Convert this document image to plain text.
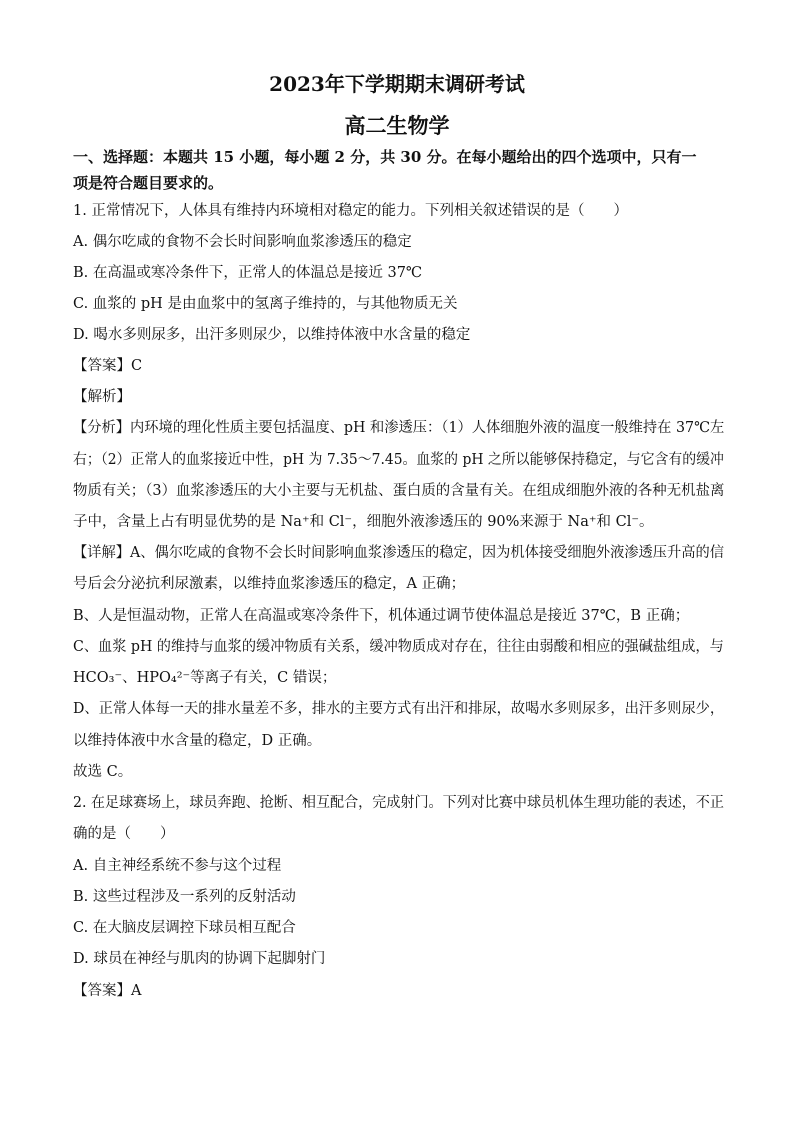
2023年下学期期末调研考试
高二生物学
一、选择题：本题共 15 小题，每小题 2 分，共 30 分。在每小题给出的四个选项中，只有一
项是符合题目要求的。
1. 正常情况下，人体具有维持内环境相对稳定的能力。下列相关叙述错误的是（　　）
A. 偶尔吃咸的食物不会长时间影响血浆渗透压的稳定
B. 在高温或寒冷条件下，正常人的体温总是接近 37℃
C. 血浆的 pH 是由血浆中的氢离子维持的，与其他物质无关
D. 喝水多则尿多，出汗多则尿少，以维持体液中水含量的稳定
【答案】C
【解析】
【分析】内环境的理化性质主要包括温度、pH 和渗透压：（1）人体细胞外液的温度一般维持在 37℃左
右；（2）正常人的血浆接近中性，pH 为 7.35～7.45。血浆的 pH 之所以能够保持稳定，与它含有的缓冲
物质有关；（3）血浆渗透压的大小主要与无机盐、蛋白质的含量有关。在组成细胞外液的各种无机盐离
子中，含量上占有明显优势的是 Na⁺和 Cl⁻，细胞外液渗透压的 90%来源于 Na⁺和 Cl⁻。
【详解】A、偶尔吃咸的食物不会长时间影响血浆渗透压的稳定，因为机体接受细胞外液渗透压升高的信
号后会分泌抗利尿激素，以维持血浆渗透压的稳定，A 正确；
B、人是恒温动物，正常人在高温或寒冷条件下，机体通过调节使体温总是接近 37℃，B 正确；
C、血浆 pH 的维持与血浆的缓冲物质有关系，缓冲物质成对存在，往往由弱酸和相应的强碱盐组成，与
HCO₃⁻、HPO₄²⁻等离子有关，C 错误；
D、正常人体每一天的排水量差不多，排水的主要方式有出汗和排尿，故喝水多则尿多，出汗多则尿少，
以维持体液中水含量的稳定，D 正确。
故选 C。
2. 在足球赛场上，球员奔跑、抢断、相互配合，完成射门。下列对比赛中球员机体生理功能的表述，不正
确的是（　　）
A. 自主神经系统不参与这个过程
B. 这些过程涉及一系列的反射活动
C. 在大脑皮层调控下球员相互配合
D. 球员在神经与肌肉的协调下起脚射门
【答案】A
